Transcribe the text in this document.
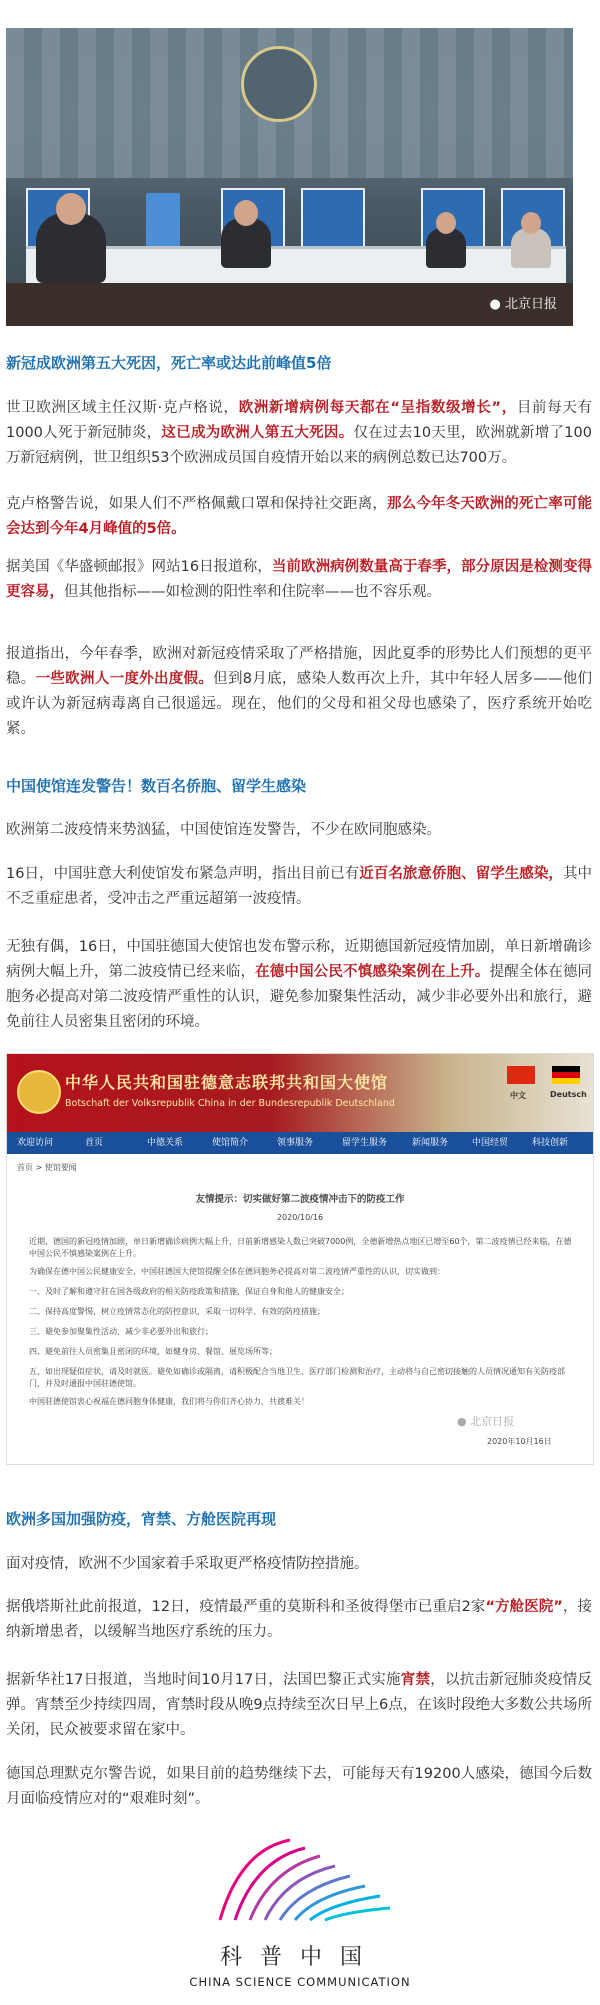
● 北京日报
新冠成欧洲第五大死因，死亡率或达此前峰值5倍

世卫欧洲区域主任汉斯·克卢格说，欧洲新增病例每天都在“呈指数级增长”，目前每天有1000人死于新冠肺炎，这已成为欧洲人第五大死因。仅在过去10天里，欧洲就新增了100万新冠病例，世卫组织53个欧洲成员国自疫情开始以来的病例总数已达700万。

克卢格警告说，如果人们不严格佩戴口罩和保持社交距离，那么今年冬天欧洲的死亡率可能会达到今年4月峰值的5倍。

据美国《华盛顿邮报》网站16日报道称，当前欧洲病例数量高于春季，部分原因是检测变得更容易，但其他指标——如检测的阳性率和住院率——也不容乐观。

报道指出，今年春季，欧洲对新冠疫情采取了严格措施，因此夏季的形势比人们预想的更平稳。一些欧洲人一度外出度假。但到8月底，感染人数再次上升，其中年轻人居多——他们或许认为新冠病毒离自己很遥远。现在，他们的父母和祖父母也感染了，医疗系统开始吃紧。

中国使馆连发警告！数百名侨胞、留学生感染

欧洲第二波疫情来势汹猛，中国使馆连发警告，不少在欧同胞感染。

16日，中国驻意大利使馆发布紧急声明，指出目前已有近百名旅意侨胞、留学生感染，其中不乏重症患者，受冲击之严重远超第一波疫情。

无独有偶，16日，中国驻德国大使馆也发布警示称，近期德国新冠疫情加剧，单日新增确诊病例大幅上升，第二波疫情已经来临，在德中国公民不慎感染案例在上升。提醒全体在德同胞务必提高对第二波疫情严重性的认识，避免参加聚集性活动，减少非必要外出和旅行，避免前往人员密集且密闭的环境。

中华人民共和国驻德意志联邦共和国大使馆
Botschaft der Volksrepublik China in der Bundesrepublik Deutschland
中文	Deutsch
欢迎访问	首页	中德关系	使馆简介	领事服务	留学生服务	新闻服务	中国经贸	科技创新
首页 > 使馆要闻
友情提示：切实做好第二波疫情冲击下的防疫工作
2020/10/16
近期，德国的新冠疫情加剧，单日新增确诊病例大幅上升，日前新增感染人数已突破7000例，全德新增热点地区已增至60个，第二波疫情已经来临，在德中国公民不慎感染案例在上升。
为确保在德中国公民健康安全，中国驻德国大使馆提醒全体在德同胞务必提高对第二波疫情严重性的认识，切实做到：
一、及时了解和遵守驻在国各级政府的相关防疫政策和措施，保证自身和他人的健康安全；
二、保持高度警惕，树立疫情常态化的防控意识，采取一切科学、有效的防疫措施；
三、避免参加聚集性活动，减少非必要外出和旅行；
四、避免前往人员密集且密闭的环境，如健身房、餐馆、展览场所等；
五、如出现疑似症状，请及时就医。避免如确诊或隔离，请积极配合当地卫生、医疗部门检测和治疗，主动将与自己密切接触的人员情况通知有关防疫部门，并及时通报中国驻德使馆。
中国驻德使馆衷心祝福在德同胞身体健康，我们将与你们齐心协力，共渡难关！
● 北京日报
2020年10月16日
欧洲多国加强防疫，宵禁、方舱医院再现

面对疫情，欧洲不少国家着手采取更严格疫情防控措施。

据俄塔斯社此前报道，12日，疫情最严重的莫斯科和圣彼得堡市已重启2家“方舱医院”，接纳新增患者，以缓解当地医疗系统的压力。

据新华社17日报道，当地时间10月17日，法国巴黎正式实施宵禁，以抗击新冠肺炎疫情反弹。宵禁至少持续四周，宵禁时段从晚9点持续至次日早上6点，在该时段绝大多数公共场所关闭，民众被要求留在家中。

德国总理默克尔警告说，如果目前的趋势继续下去，可能每天有19200人感染，德国今后数月面临疫情应对的“艰难时刻”。

科普中国
CHINA SCIENCE COMMUNICATION
